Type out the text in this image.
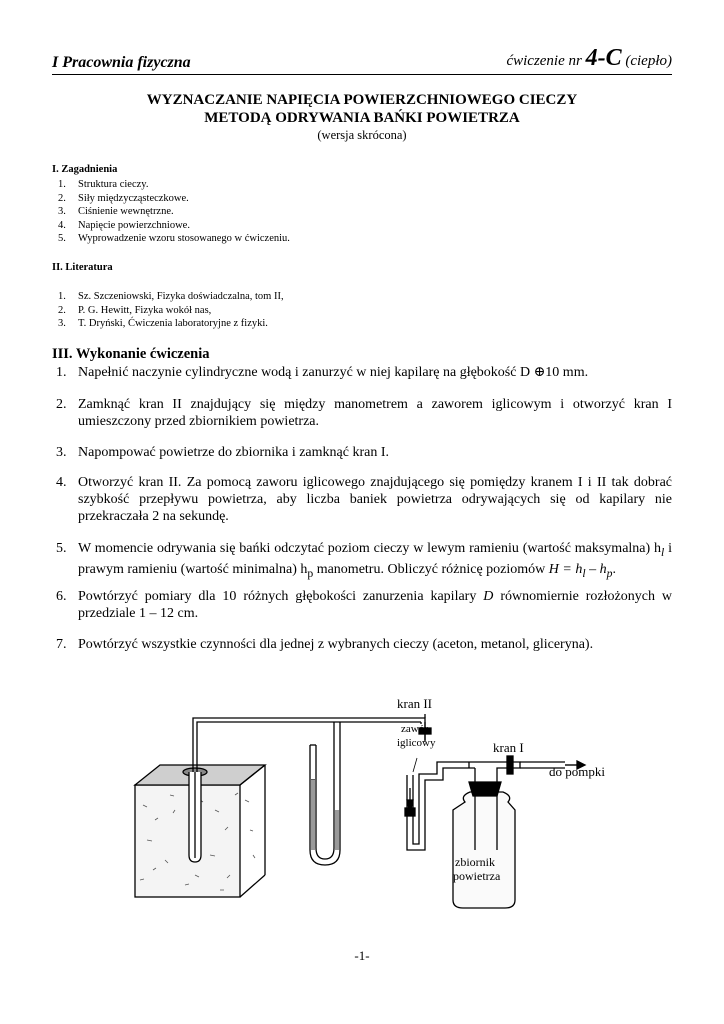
I Pracownia fizyczna	ćwiczenie nr 4-C (ciepło)
WYZNACZANIE NAPIĘCIA POWIERZCHNIOWEGO CIECZY
METODĄ ODRYWANIA BAŃKI POWIETRZA
(wersja skrócona)
I. Zagadnienia
1. Struktura cieczy.
2. Siły międzycząsteczkowe.
3. Ciśnienie wewnętrzne.
4. Napięcie powierzchniowe.
5. Wyprowadzenie wzoru stosowanego w ćwiczeniu.
II. Literatura
1. Sz. Szczeniowski, Fizyka doświadczalna, tom II,
2. P. G. Hewitt, Fizyka wokół nas,
3. T. Dryński, Ćwiczenia laboratoryjne z fizyki.
III. Wykonanie ćwiczenia
1. Napełnić naczynie cylindryczne wodą i zanurzyć w niej kapilarę na głębokość D ⊕10 mm.
2. Zamknąć kran II znajdujący się między manometrem a zaworem iglicowym i otworzyć kran I umieszczony przed zbiornikiem powietrza.
3. Napompować powietrze do zbiornika i zamknąć kran I.
4. Otworzyć kran II. Za pomocą zaworu iglicowego znajdującego się pomiędzy kranem I i II tak dobrać szybkość przepływu powietrza, aby liczba baniek powietrza odrywających się od kapilary nie przekraczała 2 na sekundę.
5. W momencie odrywania się bańki odczytać poziom cieczy w lewym ramieniu (wartość maksymalna) $h_l$ i prawym ramieniu (wartość minimalna) $h_p$ manometru. Obliczyć różnicę poziomów $H = h_l - h_p$.
6. Powtórzyć pomiary dla 10 różnych głębokości zanurzenia kapilary D równomiernie rozłożonych w przedziale 1 – 12 cm.
7. Powtórzyć wszystkie czynności dla jednej z wybranych cieczy (aceton, metanol, gliceryna).
kran II
zawór
iglicowy	kran I
do pompki
zbiornik
powietrza
-1-
